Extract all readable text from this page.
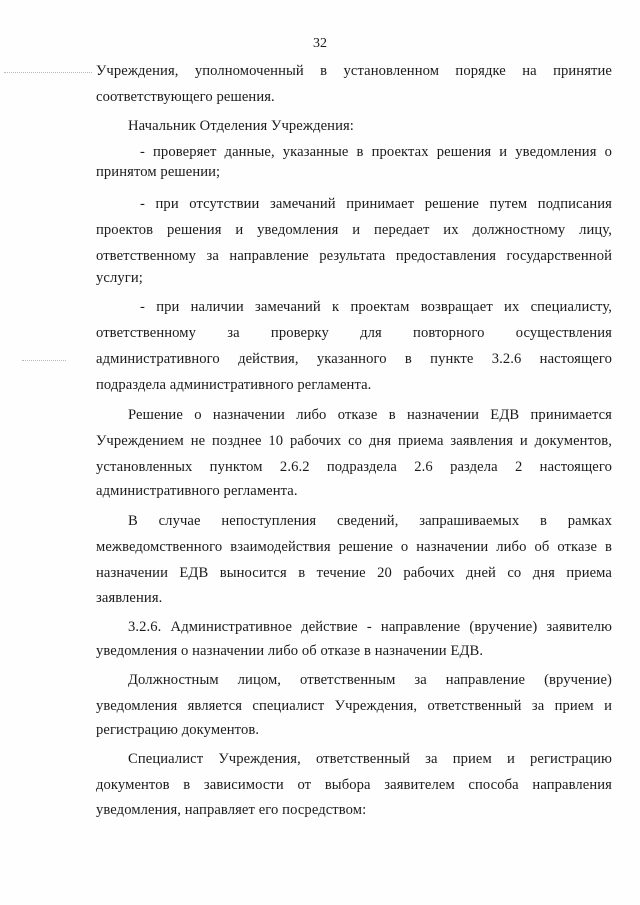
32
Учреждения, уполномоченный в установленном порядке на принятие
соответствующего решения.
Начальник Отделения Учреждения:
- проверяет данные, указанные в проектах решения и уведомления о
принятом решении;
- при отсутствии замечаний принимает решение путем подписания
проектов решения и уведомления и передает их должностному лицу,
ответственному за направление результата предоставления государственной
услуги;
- при наличии замечаний к проектам возвращает их специалисту,
ответственному за проверку для повторного осуществления
административного действия, указанного в пункте 3.2.6 настоящего
подраздела административного регламента.
Решение о назначении либо отказе в назначении ЕДВ принимается
Учреждением не позднее 10 рабочих со дня приема заявления и документов,
установленных пунктом 2.6.2 подраздела 2.6 раздела 2 настоящего
административного регламента.
В случае непоступления сведений, запрашиваемых в рамках
межведомственного взаимодействия решение о назначении либо об отказе в
назначении ЕДВ выносится в течение 20 рабочих дней со дня приема
заявления.
3.2.6. Административное действие - направление (вручение) заявителю
уведомления о назначении либо об отказе в назначении ЕДВ.
Должностным лицом, ответственным за направление (вручение)
уведомления является специалист Учреждения, ответственный за прием и
регистрацию документов.
Специалист Учреждения, ответственный за прием и регистрацию
документов в зависимости от выбора заявителем способа направления
уведомления, направляет его посредством:
